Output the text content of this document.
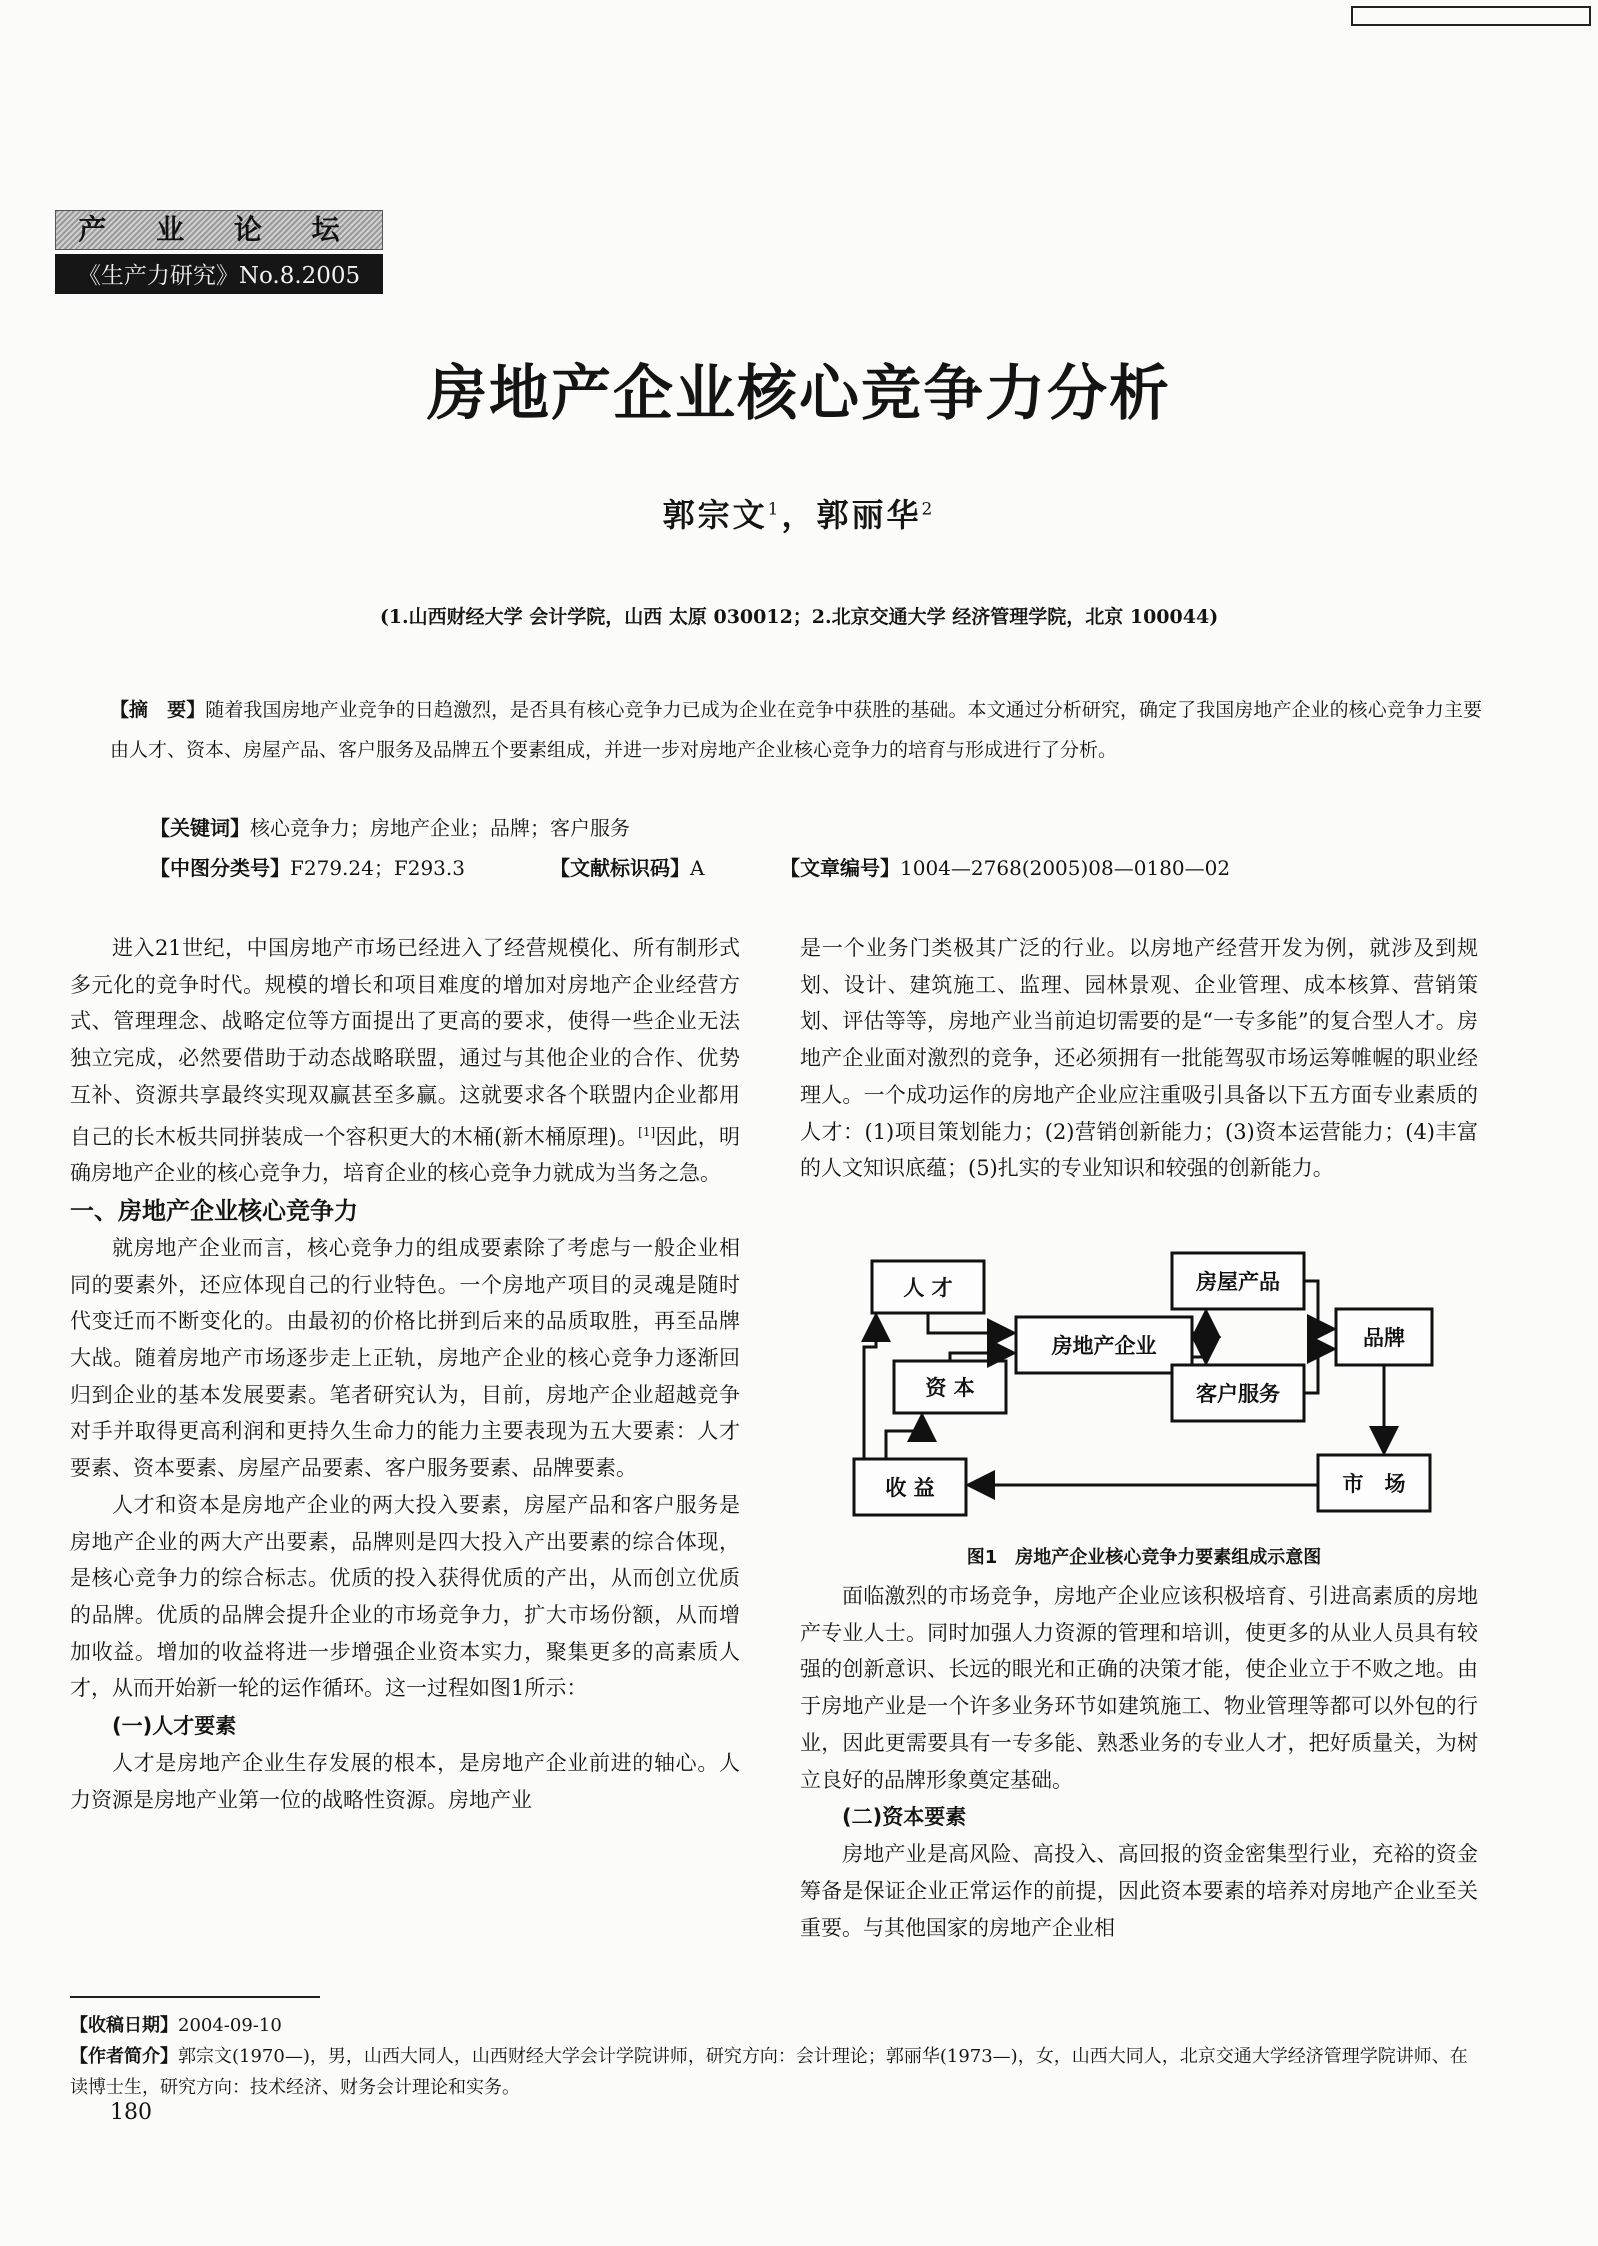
产 业 论 坛
《生产力研究》No.8.2005
房地产企业核心竞争力分析
郭宗文$^1$，郭丽华$^2$
(1.山西财经大学 会计学院，山西 太原 030012；2.北京交通大学 经济管理学院，北京 100044)
【摘　要】随着我国房地产业竞争的日趋激烈，是否具有核心竞争力已成为企业在竞争中获胜的基础。本文通过分析研究，确定了我国房地产企业的核心竞争力主要由人才、资本、房屋产品、客户服务及品牌五个要素组成，并进一步对房地产企业核心竞争力的培育与形成进行了分析。
【关键词】核心竞争力；房地产企业；品牌；客户服务
【中图分类号】F279.24；F293.3	【文献标识码】A	【文章编号】1004—2768(2005)08—0180—02

进入21世纪，中国房地产市场已经进入了经营规模化、所有制形式多元化的竞争时代。规模的增长和项目难度的增加对房地产企业经营方式、管理理念、战略定位等方面提出了更高的要求，使得一些企业无法独立完成，必然要借助于动态战略联盟，通过与其他企业的合作、优势互补、资源共享最终实现双赢甚至多赢。这就要求各个联盟内企业都用自己的长木板共同拼装成一个容积更大的木桶(新木桶原理)。[1]因此，明确房地产企业的核心竞争力，培育企业的核心竞争力就成为当务之急。

一、房地产企业核心竞争力

就房地产企业而言，核心竞争力的组成要素除了考虑与一般企业相同的要素外，还应体现自己的行业特色。一个房地产项目的灵魂是随时代变迁而不断变化的。由最初的价格比拼到后来的品质取胜，再至品牌大战。随着房地产市场逐步走上正轨，房地产企业的核心竞争力逐渐回归到企业的基本发展要素。笔者研究认为，目前，房地产企业超越竞争对手并取得更高利润和更持久生命力的能力主要表现为五大要素：人才要素、资本要素、房屋产品要素、客户服务要素、品牌要素。

人才和资本是房地产企业的两大投入要素，房屋产品和客户服务是房地产企业的两大产出要素，品牌则是四大投入产出要素的综合体现，是核心竞争力的综合标志。优质的投入获得优质的产出，从而创立优质的品牌。优质的品牌会提升企业的市场竞争力，扩大市场份额，从而增加收益。增加的收益将进一步增强企业资本实力，聚集更多的高素质人才，从而开始新一轮的运作循环。这一过程如图1所示：

(一)人才要素

人才是房地产企业生存发展的根本，是房地产企业前进的轴心。人力资源是房地产业第一位的战略性资源。房地产业

是一个业务门类极其广泛的行业。以房地产经营开发为例，就涉及到规划、设计、建筑施工、监理、园林景观、企业管理、成本核算、营销策划、评估等等，房地产业当前迫切需要的是“一专多能”的复合型人才。房地产企业面对激烈的竞争，还必须拥有一批能驾驭市场运筹帷幄的职业经理人。一个成功运作的房地产企业应注重吸引具备以下五方面专业素质的人才：(1)项目策划能力；(2)营销创新能力；(3)资本运营能力；(4)丰富的人文知识底蕴；(5)扎实的专业知识和较强的创新能力。

人 才
资 本
房地产企业
房屋产品
客户服务
品牌
市　场
收 益
图1　房地产企业核心竞争力要素组成示意图

面临激烈的市场竞争，房地产企业应该积极培育、引进高素质的房地产专业人士。同时加强人力资源的管理和培训，使更多的从业人员具有较强的创新意识、长远的眼光和正确的决策才能，使企业立于不败之地。由于房地产业是一个许多业务环节如建筑施工、物业管理等都可以外包的行业，因此更需要具有一专多能、熟悉业务的专业人才，把好质量关，为树立良好的品牌形象奠定基础。

(二)资本要素

房地产业是高风险、高投入、高回报的资金密集型行业，充裕的资金筹备是保证企业正常运作的前提，因此资本要素的培养对房地产企业至关重要。与其他国家的房地产企业相

【收稿日期】2004-09-10
【作者简介】郭宗文(1970—)，男，山西大同人，山西财经大学会计学院讲师，研究方向：会计理论；郭丽华(1973—)，女，山西大同人，北京交通大学经济管理学院讲师、在读博士生，研究方向：技术经济、财务会计理论和实务。
180
